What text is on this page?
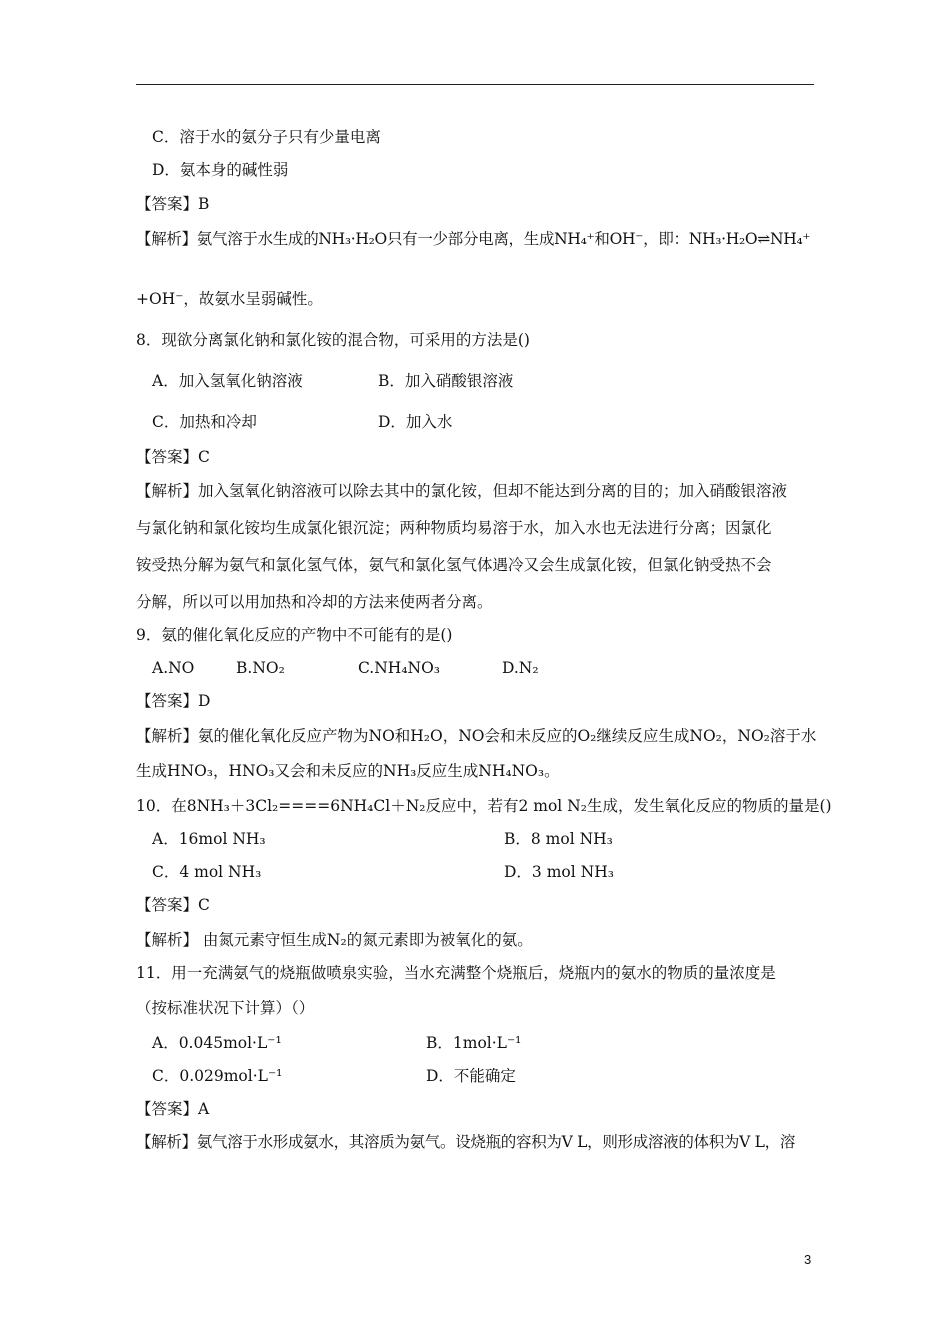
C．溶于水的氨分子只有少量电离
D．氨本身的碱性弱
【答案】B
【解析】氨气溶于水生成的NH₃·H₂O只有一少部分电离，生成NH₄⁺和OH⁻，即：NH₃·H₂O⇌NH₄⁺
+OH⁻，故氨水呈弱碱性。
8．现欲分离氯化钠和氯化铵的混合物，可采用的方法是()
A．加入氢氧化钠溶液	B．加入硝酸银溶液
C．加热和冷却	D．加入水
【答案】C
【解析】加入氢氧化钠溶液可以除去其中的氯化铵，但却不能达到分离的目的；加入硝酸银溶液
与氯化钠和氯化铵均生成氯化银沉淀；两种物质均易溶于水，加入水也无法进行分离；因氯化
铵受热分解为氨气和氯化氢气体，氨气和氯化氢气体遇冷又会生成氯化铵，但氯化钠受热不会
分解，所以可以用加热和冷却的方法来使两者分离。
9．氨的催化氧化反应的产物中不可能有的是()
A.NO	B.NO₂	C.NH₄NO₃	D.N₂
【答案】D
【解析】氨的催化氧化反应产物为NO和H₂O，NO会和未反应的O₂继续反应生成NO₂，NO₂溶于水
生成HNO₃，HNO₃又会和未反应的NH₃反应生成NH₄NO₃。
10．在8NH₃＋3Cl₂====6NH₄Cl＋N₂反应中，若有2 mol N₂生成，发生氧化反应的物质的量是()
A．16mol NH₃	B．8 mol NH₃
C．4 mol NH₃	D．3 mol NH₃
【答案】C
【解析】 由氮元素守恒生成N₂的氮元素即为被氧化的氨。
11．用一充满氨气的烧瓶做喷泉实验，当水充满整个烧瓶后，烧瓶内的氨水的物质的量浓度是
（按标准状况下计算）（）
A．0.045mol·L⁻¹	B．1mol·L⁻¹
C．0.029mol·L⁻¹	D．不能确定
【答案】A
【解析】氨气溶于水形成氨水，其溶质为氨气。设烧瓶的容积为V L，则形成溶液的体积为V L，溶
3
